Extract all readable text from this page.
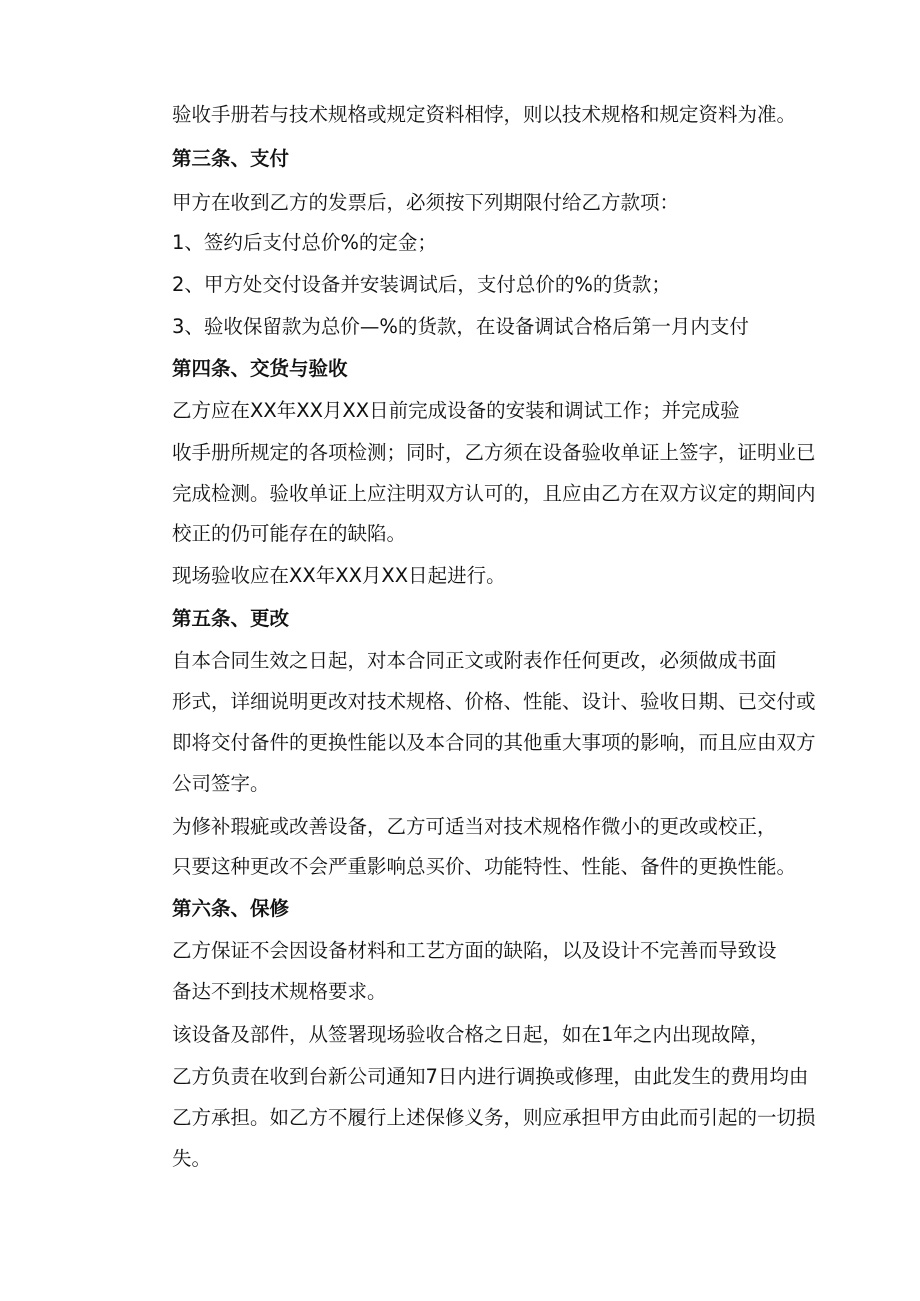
验收手册若与技术规格或规定资料相悖，则以技术规格和规定资料为准。
第三条、支付
甲方在收到乙方的发票后，必须按下列期限付给乙方款项：
1、签约后支付总价%的定金；
2、甲方处交付设备并安装调试后，支付总价的%的货款；
3、验收保留款为总价—%的货款，在设备调试合格后第一月内支付
第四条、交货与验收
乙方应在XX年XX月XX日前完成设备的安装和调试工作；并完成验
收手册所规定的各项检测；同时，乙方须在设备验收单证上签字，证明业已
完成检测。验收单证上应注明双方认可的，且应由乙方在双方议定的期间内
校正的仍可能存在的缺陷。
现场验收应在XX年XX月XX日起进行。
第五条、更改
自本合同生效之日起，对本合同正文或附表作任何更改，必须做成书面
形式，详细说明更改对技术规格、价格、性能、设计、验收日期、已交付或
即将交付备件的更换性能以及本合同的其他重大事项的影响，而且应由双方
公司签字。
为修补瑕疵或改善设备，乙方可适当对技术规格作微小的更改或校正，
只要这种更改不会严重影响总买价、功能特性、性能、备件的更换性能。
第六条、保修
乙方保证不会因设备材料和工艺方面的缺陷，以及设计不完善而导致设
备达不到技术规格要求。
该设备及部件，从签署现场验收合格之日起，如在1年之内出现故障，
乙方负责在收到台新公司通知7日内进行调换或修理，由此发生的费用均由
乙方承担。如乙方不履行上述保修义务，则应承担甲方由此而引起的一切损
失。
